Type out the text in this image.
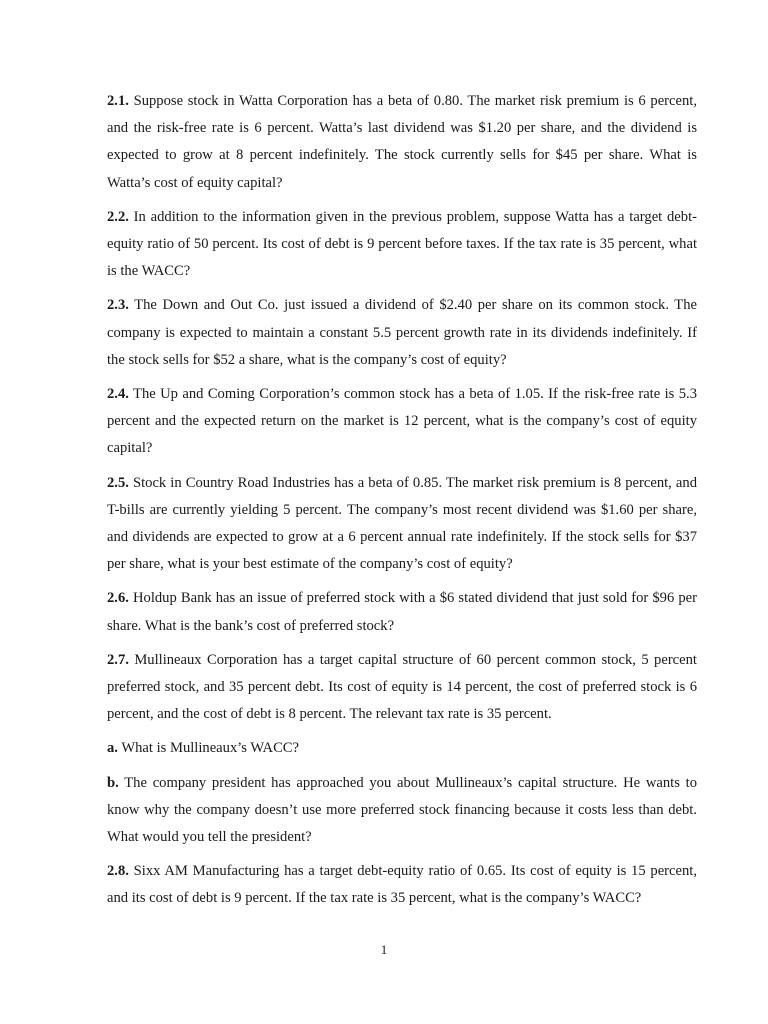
2.1. Suppose stock in Watta Corporation has a beta of 0.80. The market risk premium is 6 percent, and the risk-free rate is 6 percent. Watta’s last dividend was $1.20 per share, and the dividend is expected to grow at 8 percent indefinitely. The stock currently sells for $45 per share. What is Watta’s cost of equity capital?

2.2. In addition to the information given in the previous problem, suppose Watta has a target debt-equity ratio of 50 percent. Its cost of debt is 9 percent before taxes. If the tax rate is 35 percent, what is the WACC?

2.3. The Down and Out Co. just issued a dividend of $2.40 per share on its common stock. The company is expected to maintain a constant 5.5 percent growth rate in its dividends indefinitely. If the stock sells for $52 a share, what is the company’s cost of equity?

2.4. The Up and Coming Corporation’s common stock has a beta of 1.05. If the risk-free rate is 5.3 percent and the expected return on the market is 12 percent, what is the company’s cost of equity capital?

2.5. Stock in Country Road Industries has a beta of 0.85. The market risk premium is 8 percent, and T-bills are currently yielding 5 percent. The company’s most recent dividend was $1.60 per share, and dividends are expected to grow at a 6 percent annual rate indefinitely. If the stock sells for $37 per share, what is your best estimate of the company’s cost of equity?

2.6. Holdup Bank has an issue of preferred stock with a $6 stated dividend that just sold for $96 per share. What is the bank’s cost of preferred stock?

2.7. Mullineaux Corporation has a target capital structure of 60 percent common stock, 5 percent preferred stock, and 35 percent debt. Its cost of equity is 14 percent, the cost of preferred stock is 6 percent, and the cost of debt is 8 percent. The relevant tax rate is 35 percent.

a. What is Mullineaux’s WACC?

b. The company president has approached you about Mullineaux’s capital structure. He wants to know why the company doesn’t use more preferred stock financing because it costs less than debt. What would you tell the president?

2.8. Sixx AM Manufacturing has a target debt-equity ratio of 0.65. Its cost of equity is 15 percent, and its cost of debt is 9 percent. If the tax rate is 35 percent, what is the company’s WACC?

1
